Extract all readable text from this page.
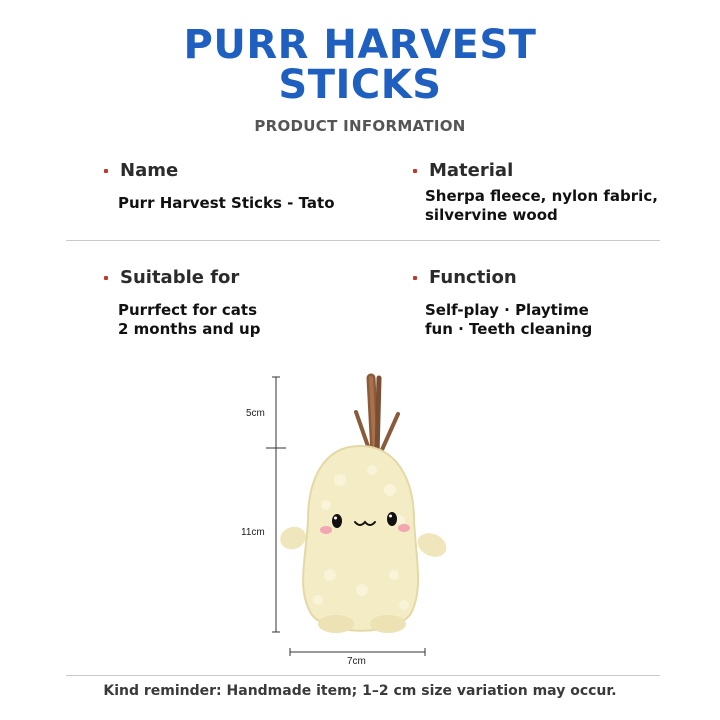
PURR HARVEST
STICKS
PRODUCT INFORMATION
Name
Purr Harvest Sticks - Tato
Material
Sherpa fleece, nylon fabric,
silvervine wood
Suitable for
Purrfect for cats
2 months and up
Function
Self-play · Playtime
fun · Teeth cleaning
5cm
11cm
7cm
Kind reminder: Handmade item; 1–2 cm size variation may occur.
